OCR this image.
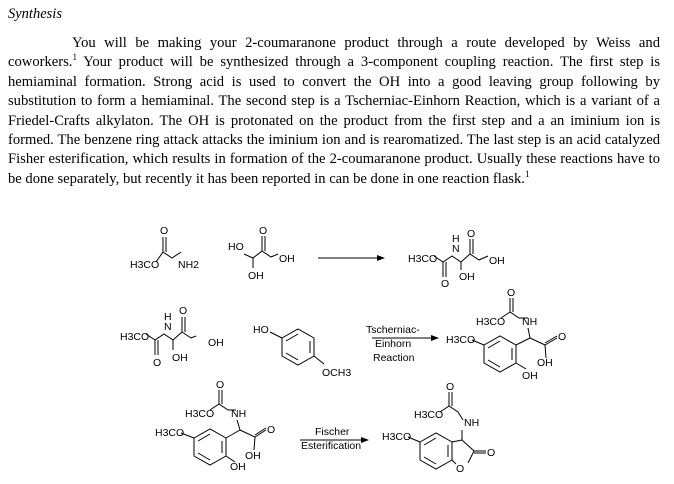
Synthesis

You will be making your 2-coumaranone product through a route developed by Weiss and coworkers.$^1$ Your product will be synthesized through a 3-component coupling reaction. The first step is hemiaminal formation. Strong acid is used to convert the OH into a good leaving group following by substitution to form a hemiaminal. The second step is a Tscherniac-Einhorn Reaction, which is a variant of a Friedel-Crafts alkylaton. The OH is protonated on the product from the first step and a an iminium ion is formed. The benzene ring attack attacks the iminium ion and is rearomatized. The last step is an acid catalyzed Fisher esterification, which results in formation of the 2-coumaranone product. Usually these reactions have to be done separately, but recently it has been reported in can be done in one reaction flask.$^1$

H3CO
O
NH2
HO
OH
O
OH	H3CO
O
N
H
OH
O
OH
H3CO
O
N
H
OH
O
OH
HO
OCH3
Tscherniac-
Einhorn
Reaction
H3CO
O
NH
H3CO	O
OH
OH
H3CO
O
NH
H3CO	O
OH
OH
Fischer
Esterification
H3CO
O
NH
H3CO
O
O
